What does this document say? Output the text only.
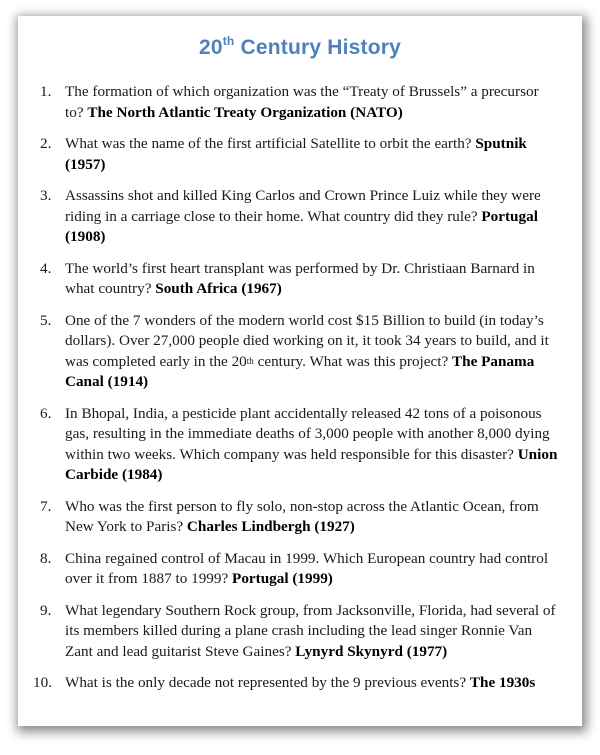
20th Century History
1. The formation of which organization was the “Treaty of Brussels” a precursor to? The North Atlantic Treaty Organization (NATO)
2. What was the name of the first artificial Satellite to orbit the earth? Sputnik (1957)
3. Assassins shot and killed King Carlos and Crown Prince Luiz while they were riding in a carriage close to their home. What country did they rule? Portugal (1908)
4. The world’s first heart transplant was performed by Dr. Christiaan Barnard in what country? South Africa (1967)
5. One of the 7 wonders of the modern world cost $15 Billion to build (in today’s dollars). Over 27,000 people died working on it, it took 34 years to build, and it was completed early in the 20th century. What was this project? The Panama Canal (1914)
6. In Bhopal, India, a pesticide plant accidentally released 42 tons of a poisonous gas, resulting in the immediate deaths of 3,000 people with another 8,000 dying within two weeks. Which company was held responsible for this disaster? Union Carbide (1984)
7. Who was the first person to fly solo, non-stop across the Atlantic Ocean, from New York to Paris? Charles Lindbergh (1927)
8. China regained control of Macau in 1999. Which European country had control over it from 1887 to 1999? Portugal (1999)
9. What legendary Southern Rock group, from Jacksonville, Florida, had several of its members killed during a plane crash including the lead singer Ronnie Van Zant and lead guitarist Steve Gaines? Lynyrd Skynyrd (1977)
10. What is the only decade not represented by the 9 previous events? The 1930s
